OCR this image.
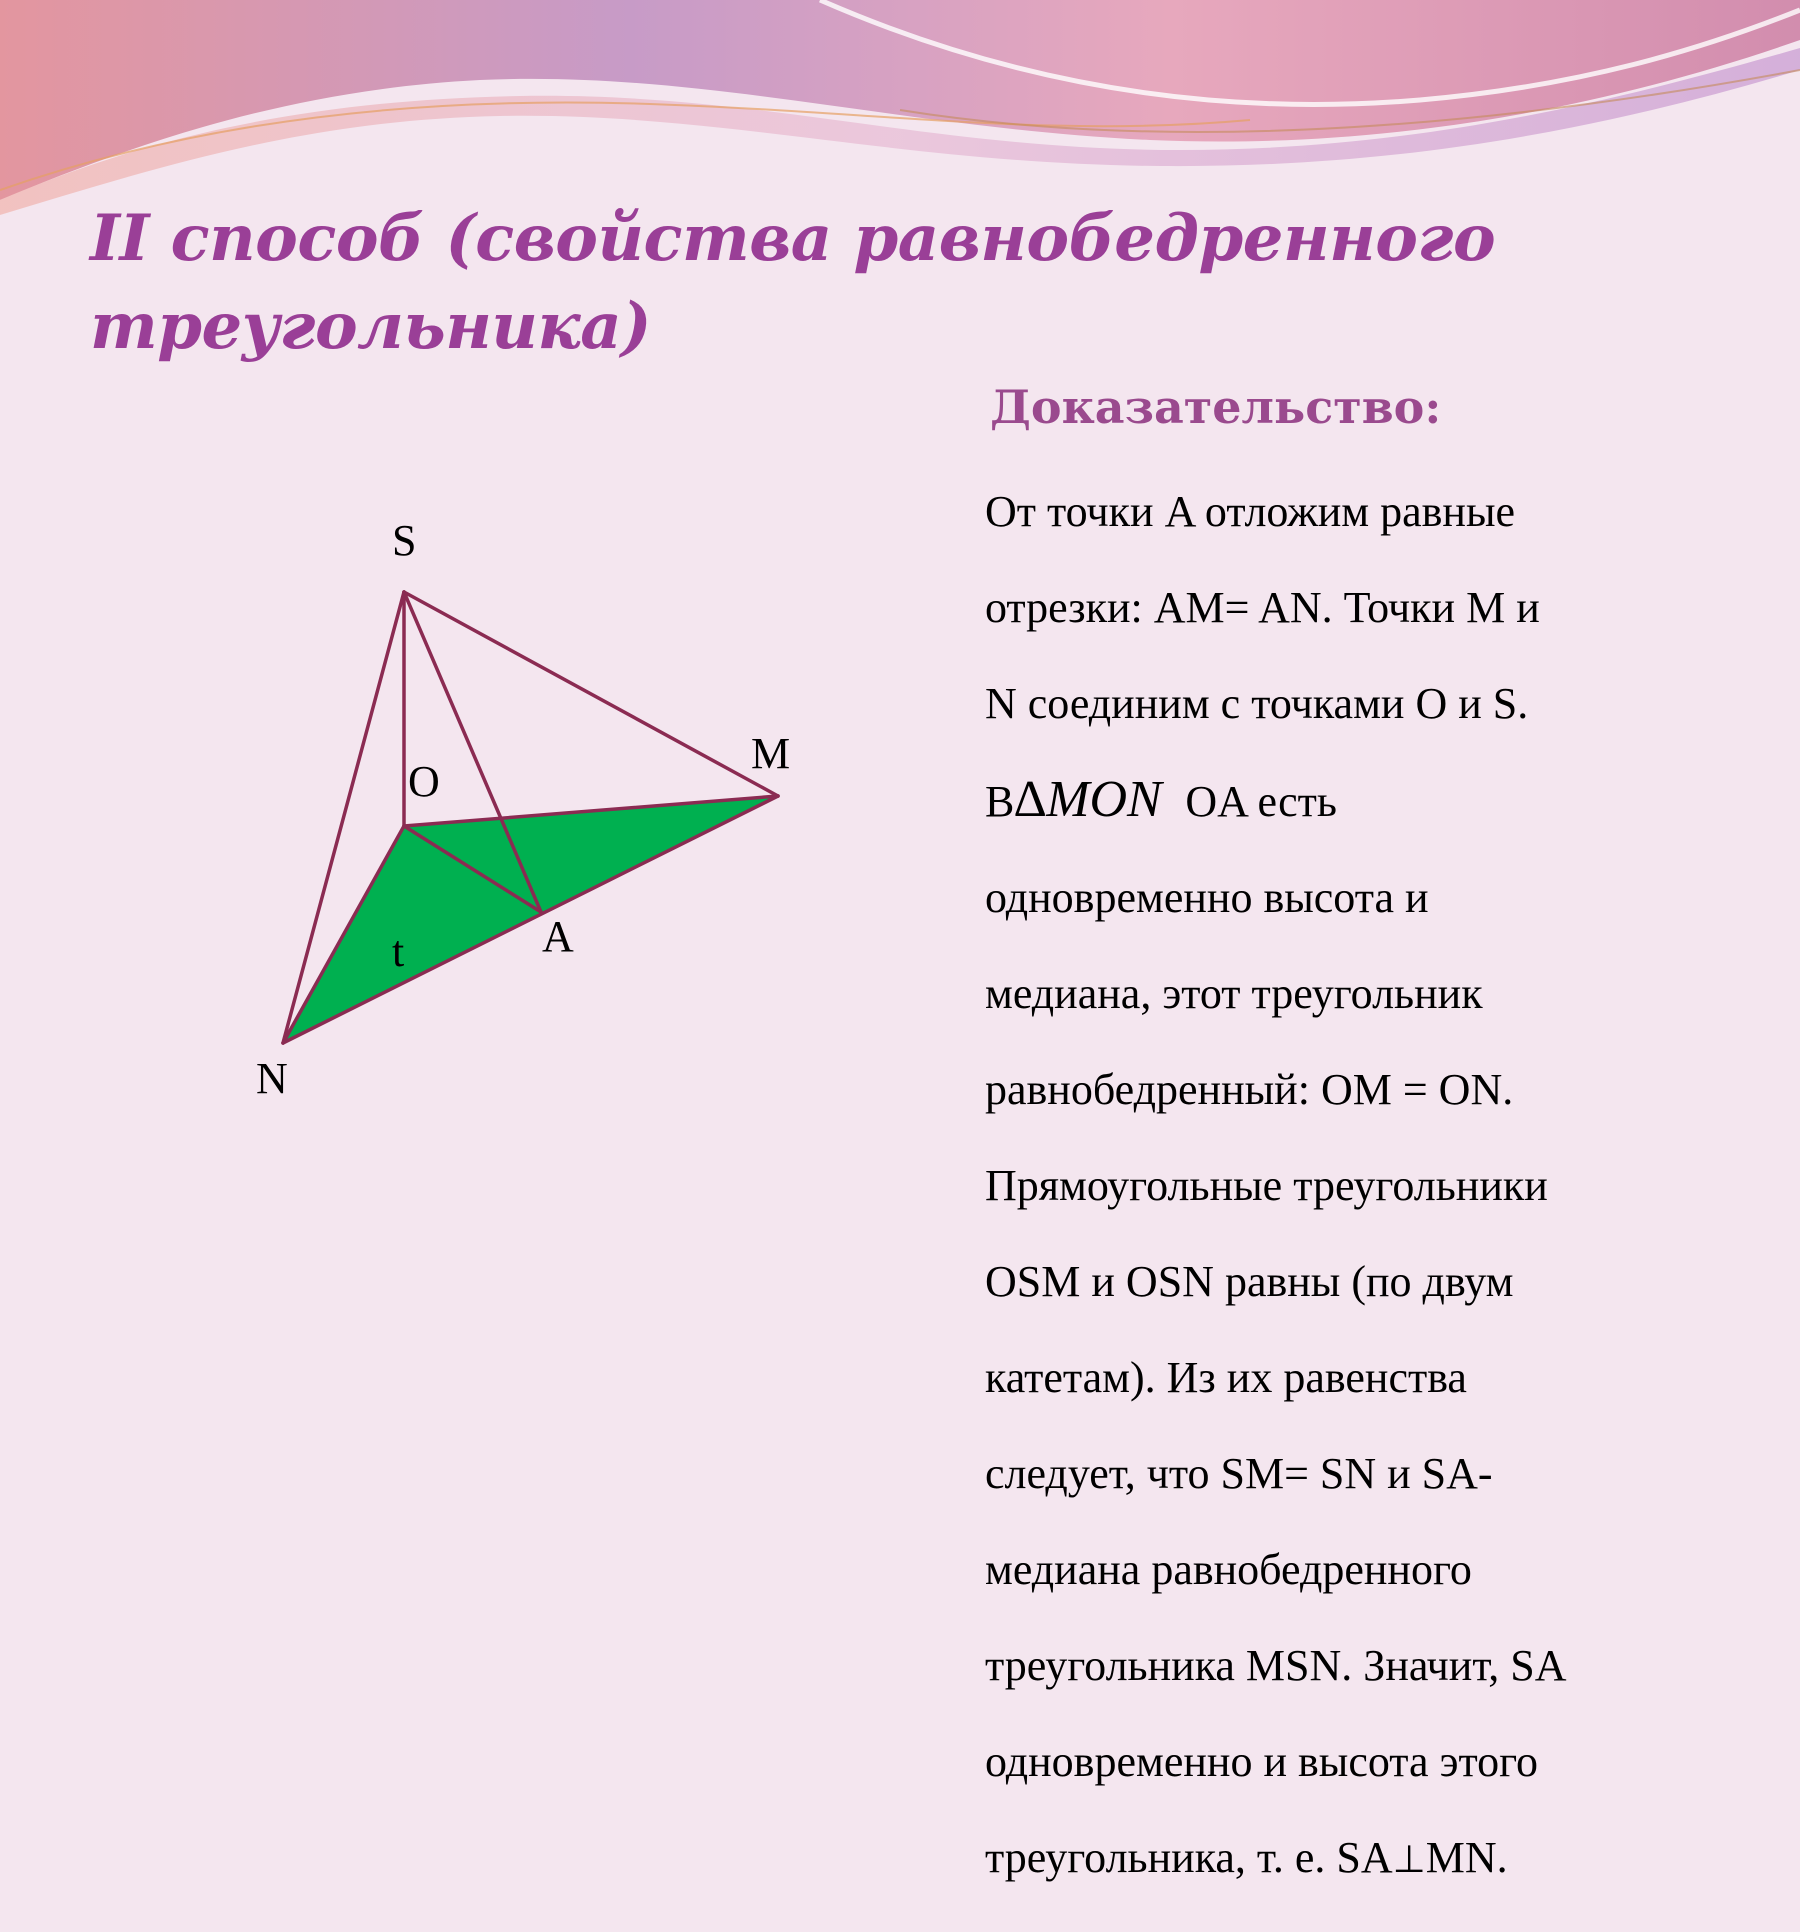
II способ (свойства равнобедренного
треугольника)
S
M
O
A
N
t
Доказательство:

От точки A отложим равные

отрезки: AM= AN. Точки M и

N соединим с точками O и S.

В∆MON OA есть

одновременно высота и

медиана, этот треугольник

равнобедренный: OM = ON.

Прямоугольные треугольники

OSM и OSN равны (по двум

катетам). Из их равенства

следует, что SM= SN и SA-

медиана равнобедренного

треугольника MSN. Значит, SA

одновременно и высота этого

треугольника, т. е. SA⊥MN.
